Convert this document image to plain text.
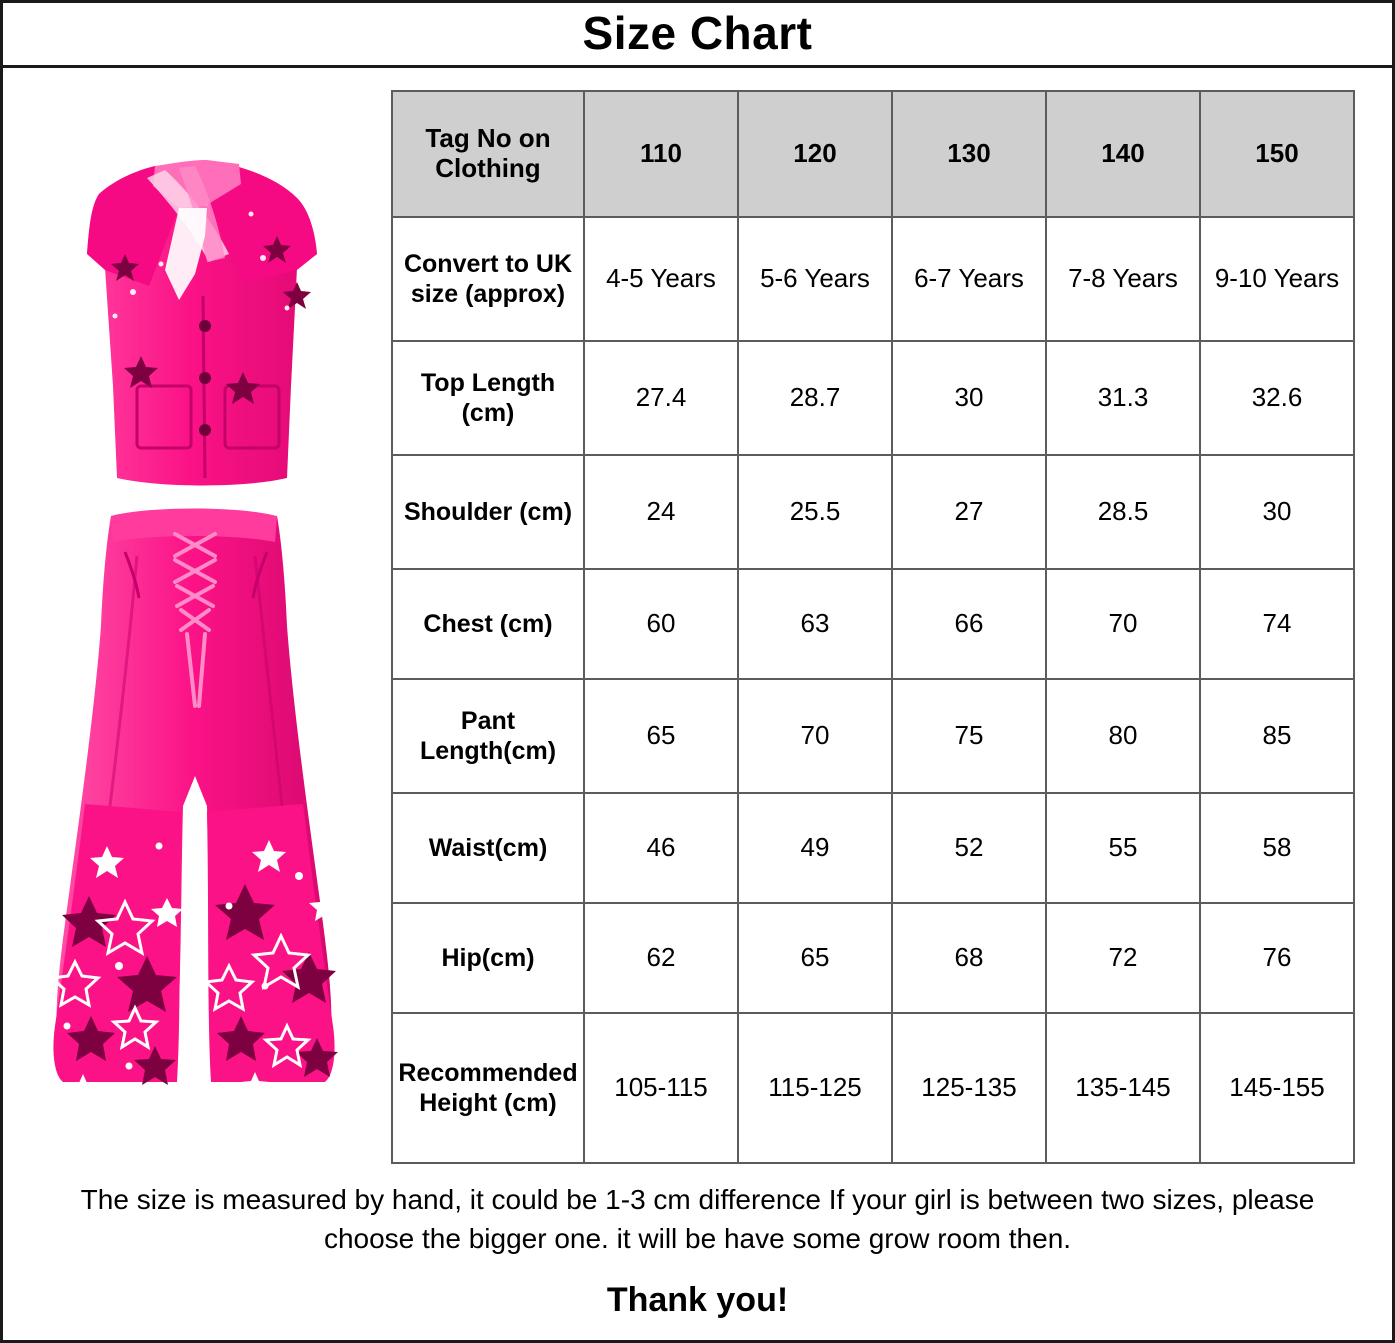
Size Chart
Tag No on Clothing	110	120	130	140	150
Convert to UK size (approx)	4-5 Years	5-6 Years	6-7 Years	7-8 Years	9-10 Years
Top Length (cm)	27.4	28.7	30	31.3	32.6
Shoulder (cm)	24	25.5	27	28.5	30
Chest (cm)	60	63	66	70	74
Pant Length(cm)	65	70	75	80	85
Waist(cm)	46	49	52	55	58
Hip(cm)	62	65	68	72	76
Recommended Height (cm)	105-115	115-125	125-135	135-145	145-155
The size is measured by hand, it could be 1-3 cm difference If your girl is between two sizes, please choose the bigger one. it will be have some grow room then.
Thank you!
